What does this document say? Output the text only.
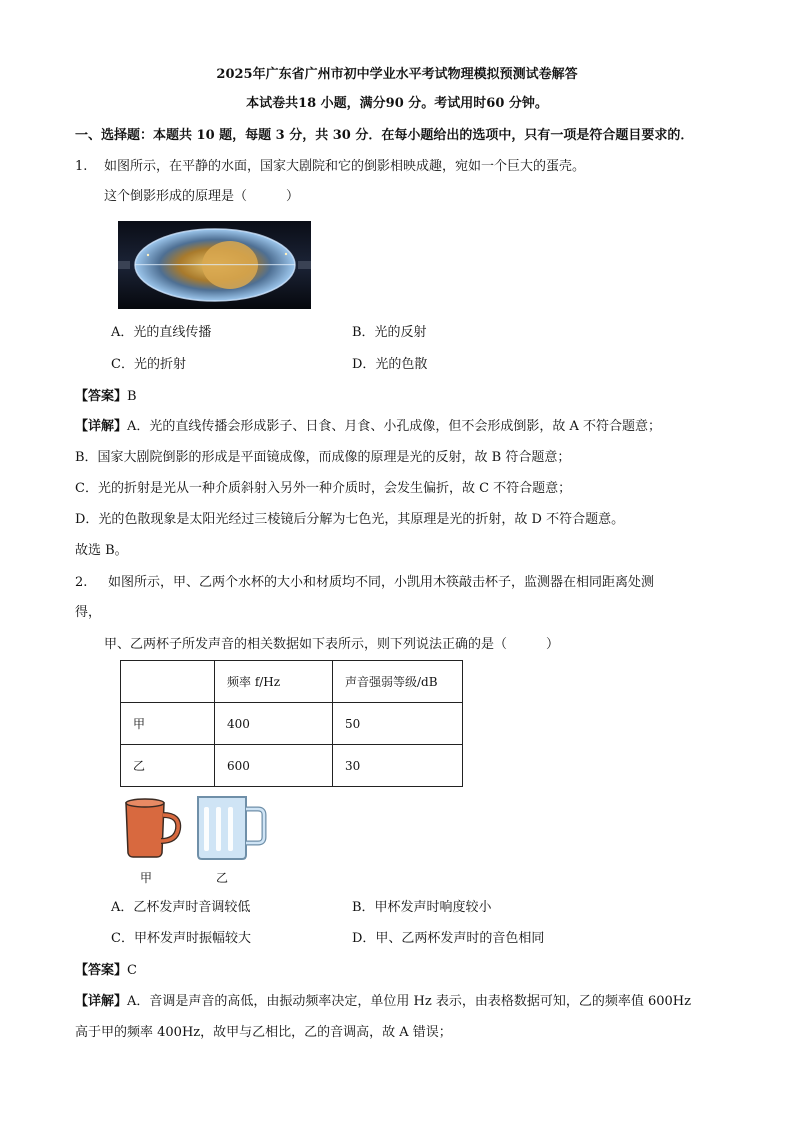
2025年广东省广州市初中学业水平考试物理模拟预测试卷解答
本试卷共18 小题，满分90 分。考试用时60 分钟。
一、选择题：本题共 10 题，每题 3 分，共 30 分．在每小题给出的选项中，只有一项是符合题目要求的．
1. 如图所示，在平静的水面，国家大剧院和它的倒影相映成趣，宛如一个巨大的蛋壳。
这个倒影形成的原理是（　　　）
A．光的直线传播	B．光的反射
C．光的折射	D．光的色散
【答案】B
【详解】A．光的直线传播会形成影子、日食、月食、小孔成像，但不会形成倒影，故 A 不符合题意；
B．国家大剧院倒影的形成是平面镜成像，而成像的原理是光的反射，故 B 符合题意；
C．光的折射是光从一种介质斜射入另外一种介质时，会发生偏折，故 C 不符合题意；
D．光的色散现象是太阳光经过三棱镜后分解为七色光，其原理是光的折射，故 D 不符合题意。
故选 B。
2. 如图所示，甲、乙两个水杯的大小和材质均不同，小凯用木筷敲击杯子，监测器在相同距离处测
得，
甲、乙两杯子所发声音的相关数据如下表所示，则下列说法正确的是（　　　）
	频率 f/Hz	声音强弱等级/dB
甲	400	50
乙	600	30
甲	乙
A．乙杯发声时音调较低	B．甲杯发声时响度较小
C．甲杯发声时振幅较大	D．甲、乙两杯发声时的音色相同
【答案】C
【详解】A．音调是声音的高低，由振动频率决定，单位用 Hz 表示，由表格数据可知，乙的频率值 600Hz
高于甲的频率 400Hz，故甲与乙相比，乙的音调高，故 A 错误；
